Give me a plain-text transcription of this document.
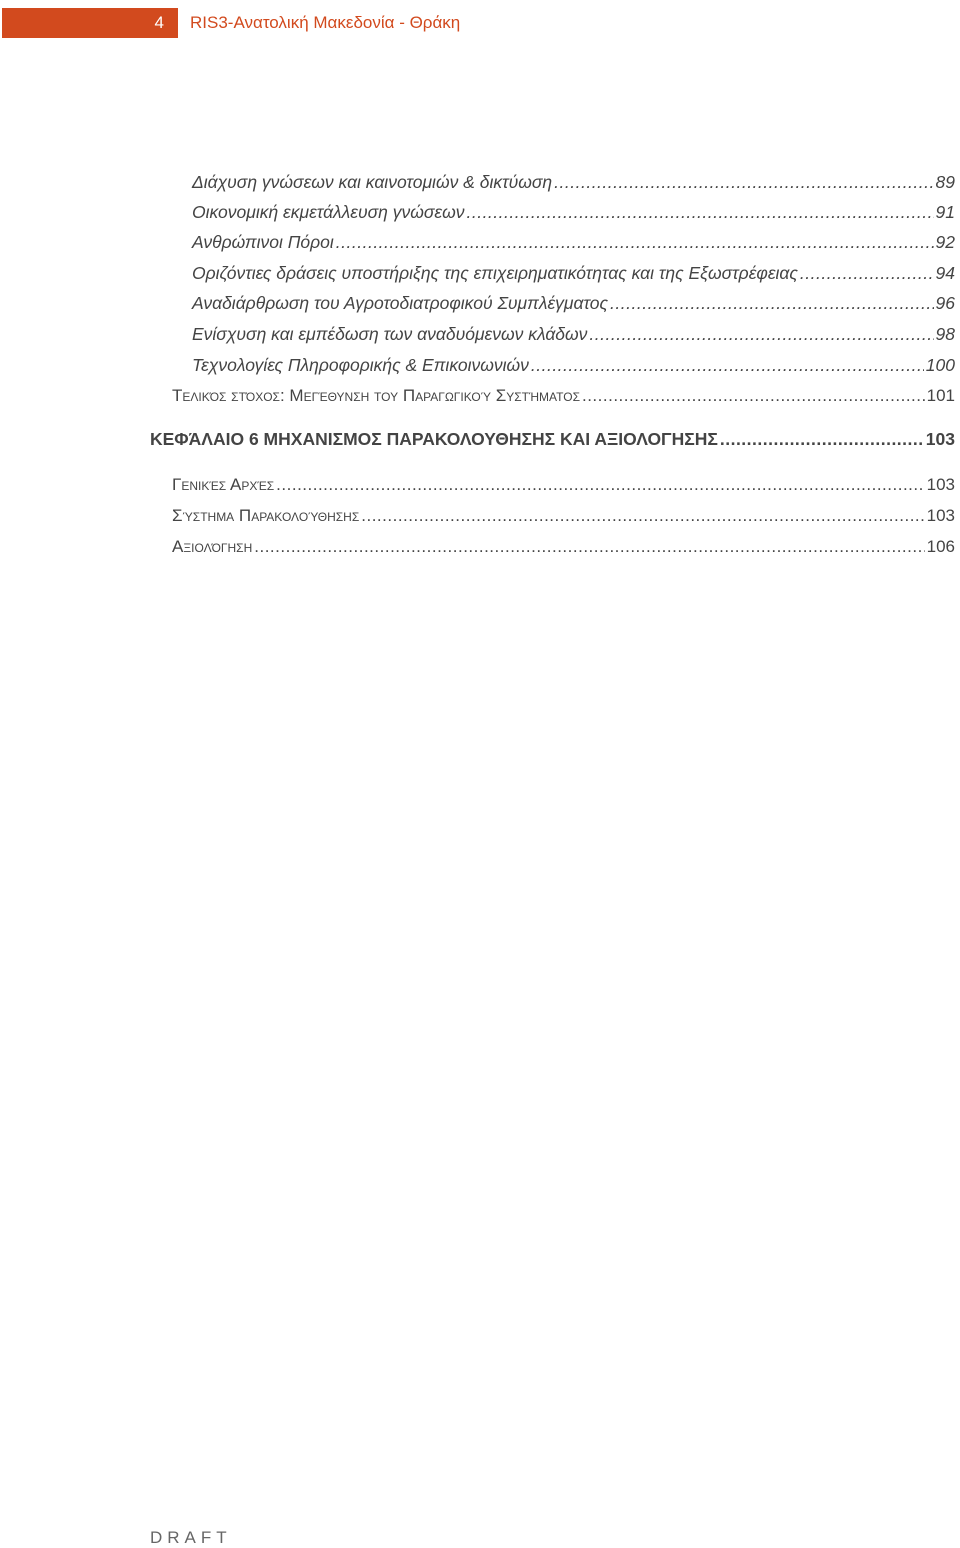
4	RIS3-Ανατολική Μακεδονία - Θράκη
Διάχυση γνώσεων και καινοτομιών & δικτύωση .....	89
Οικονομική εκμετάλλευση γνώσεων .....	91
Ανθρώπινοι Πόροι .....	92
Οριζόντιες δράσεις υποστήριξης της επιχειρηματικότητας και της Εξωστρέφειας .....	94
Αναδιάρθρωση του Αγροτοδιατροφικού Συμπλέγματος .....	96
Ενίσχυση και εμπέδωση των αναδυόμενων κλάδων .....	98
Τεχνολογίες Πληροφορικής & Επικοινωνιών .....	100
Τελικός στόχος: Μεγέθυνση του Παραγωγικού Συστήματος .....	101
ΚΕΦΆΛΑΙΟ 6 ΜΗΧΑΝΙΣΜΟΣ ΠΑΡΑΚΟΛΟΥΘΗΣΗΣ ΚΑΙ ΑΞΙΟΛΟΓΗΣΗΣ .....	103
Γενικές Αρχές .....	103
Σύστημα Παρακολούθησης .....	103
Αξιολόγηση .....	106
DRAFT
